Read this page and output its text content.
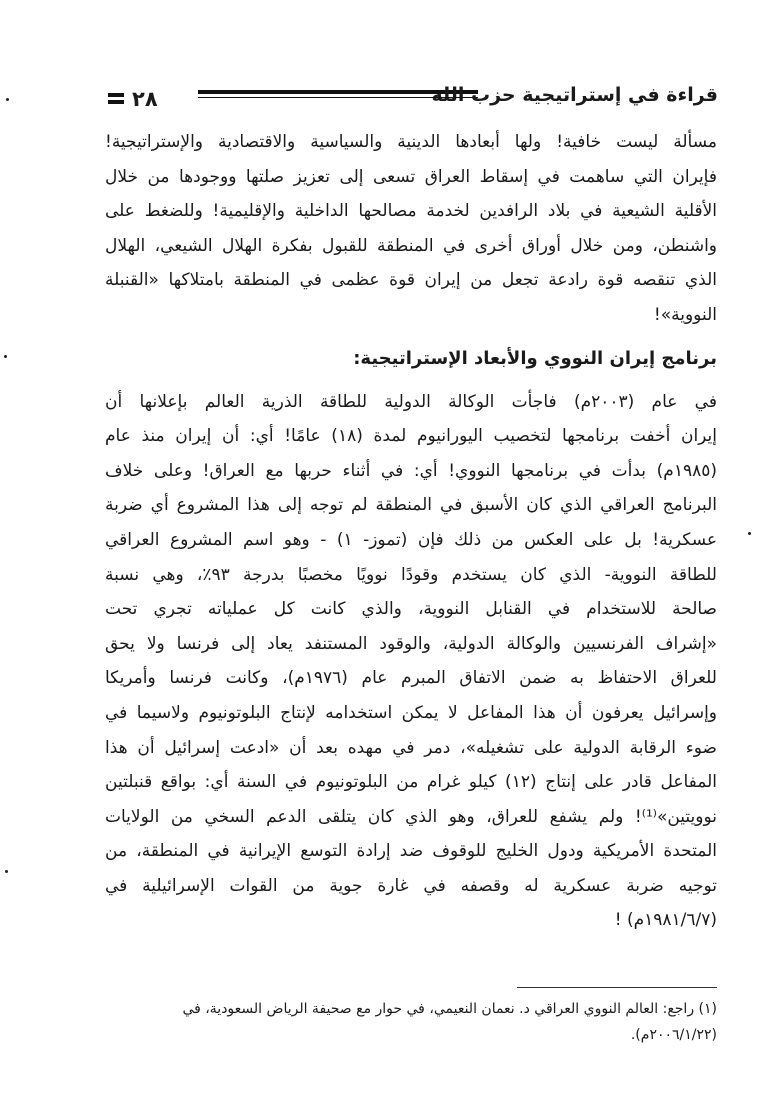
٢٨	قراءة في إستراتيجية حزب الله
مسألة ليست خافية! ولها أبعادها الدينية والسياسية والاقتصادية والإستراتيجية!
فإيران التي ساهمت في إسقاط العراق تسعى إلى تعزيز صلتها ووجودها من خلال
الأقلية الشيعية في بلاد الرافدين لخدمة مصالحها الداخلية والإقليمية! وللضغط على
واشنطن، ومن خلال أوراق أخرى في المنطقة للقبول بفكرة الهلال الشيعي، الهلال
الذي تنقصه قوة رادعة تجعل من إيران قوة عظمى في المنطقة بامتلاكها «القنبلة
النووية»!
برنامج إيران النووي والأبعاد الإستراتيجية:
في عام (٢٠٠٣م) فاجأت الوكالة الدولية للطاقة الذرية العالم بإعلانها أن
إيران أخفت برنامجها لتخصيب اليورانيوم لمدة (١٨) عامًا! أي: أن إيران منذ عام
(١٩٨٥م) بدأت في برنامجها النووي! أي: في أثناء حربها مع العراق! وعلى خلاف
البرنامج العراقي الذي كان الأسبق في المنطقة لم توجه إلى هذا المشروع أي ضربة
عسكرية! بل على العكس من ذلك فإن (تموز- ١) - وهو اسم المشروع العراقي
للطاقة النووية- الذي كان يستخدم وقودًا نوويًا مخصبًا بدرجة ٩٣٪، وهي نسبة
صالحة للاستخدام في القنابل النووية، والذي كانت كل عملياته تجري تحت
«إشراف الفرنسيين والوكالة الدولية، والوقود المستنفد يعاد إلى فرنسا ولا يحق
للعراق الاحتفاظ به ضمن الاتفاق المبرم عام (١٩٧٦م)، وكانت فرنسا وأمريكا
وإسرائيل يعرفون أن هذا المفاعل لا يمكن استخدامه لإنتاج البلوتونيوم ولاسيما في
ضوء الرقابة الدولية على تشغيله»، دمر في مهده بعد أن «ادعت إسرائيل أن هذا
المفاعل قادر على إنتاج (١٢) كيلو غرام من البلوتونيوم في السنة أي: بواقع قنبلتين
نوويتين»⁽¹⁾! ولم يشفع للعراق، وهو الذي كان يتلقى الدعم السخي من الولايات
المتحدة الأمريكية ودول الخليج للوقوف ضد إرادة التوسع الإيرانية في المنطقة، من
توجيه ضربة عسكرية له وقصفه في غارة جوية من القوات الإسرائيلية في
(١٩٨١/٦/٧م) !
(١) راجع: العالم النووي العراقي د. نعمان النعيمي، في حوار مع صحيفة الرياض السعودية، في
(٢٠٠٦/١/٢٢م).
